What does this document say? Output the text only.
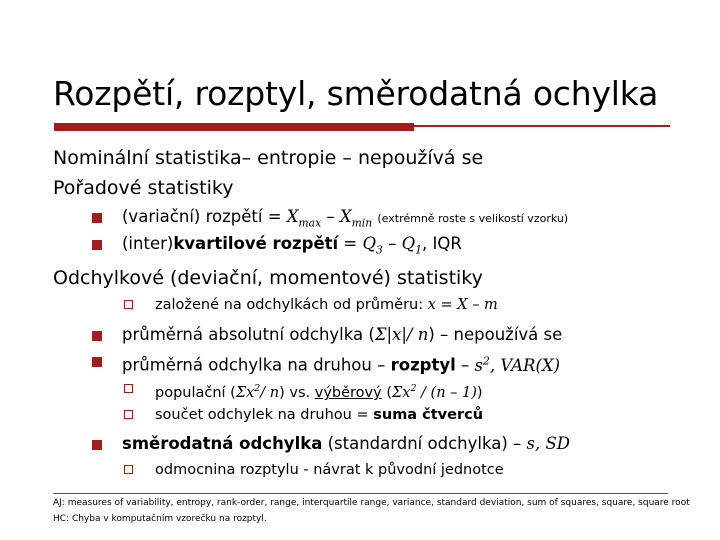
Rozpětí, rozptyl, směrodatná ochylka
Nominální statistika– entropie – nepoužívá se
Pořadové statistiky
(variační) rozpětí = $X_{max} - X_{min}$ (extrémně roste s velikostí vzorku)
(inter)kvartilové rozpětí = $Q_3 - Q_1$, IQR
Odchylkové (deviační, momentové) statistiky
založené na odchylkách od průměru: x = X – m
průměrná absolutní odchylka (Σ|x|/ n) – nepoužívá se
průměrná odchylka na druhou – rozptyl – $s^2$, VAR(X)
populační ($\Sigma x^2/$ n) vs. výběrový $(\Sigma x^2 / (n - 1))$
součet odchylek na druhou = suma čtverců
směrodatná odchylka (standardní odchylka) – s, SD
odmocnina rozptylu - návrat k původní jednotce
AJ: measures of variability, entropy, rank-order, range, interquartile range, variance, standard deviation, sum of squares, square, square root
HC: Chyba v komputačním vzorečku na rozptyl.
